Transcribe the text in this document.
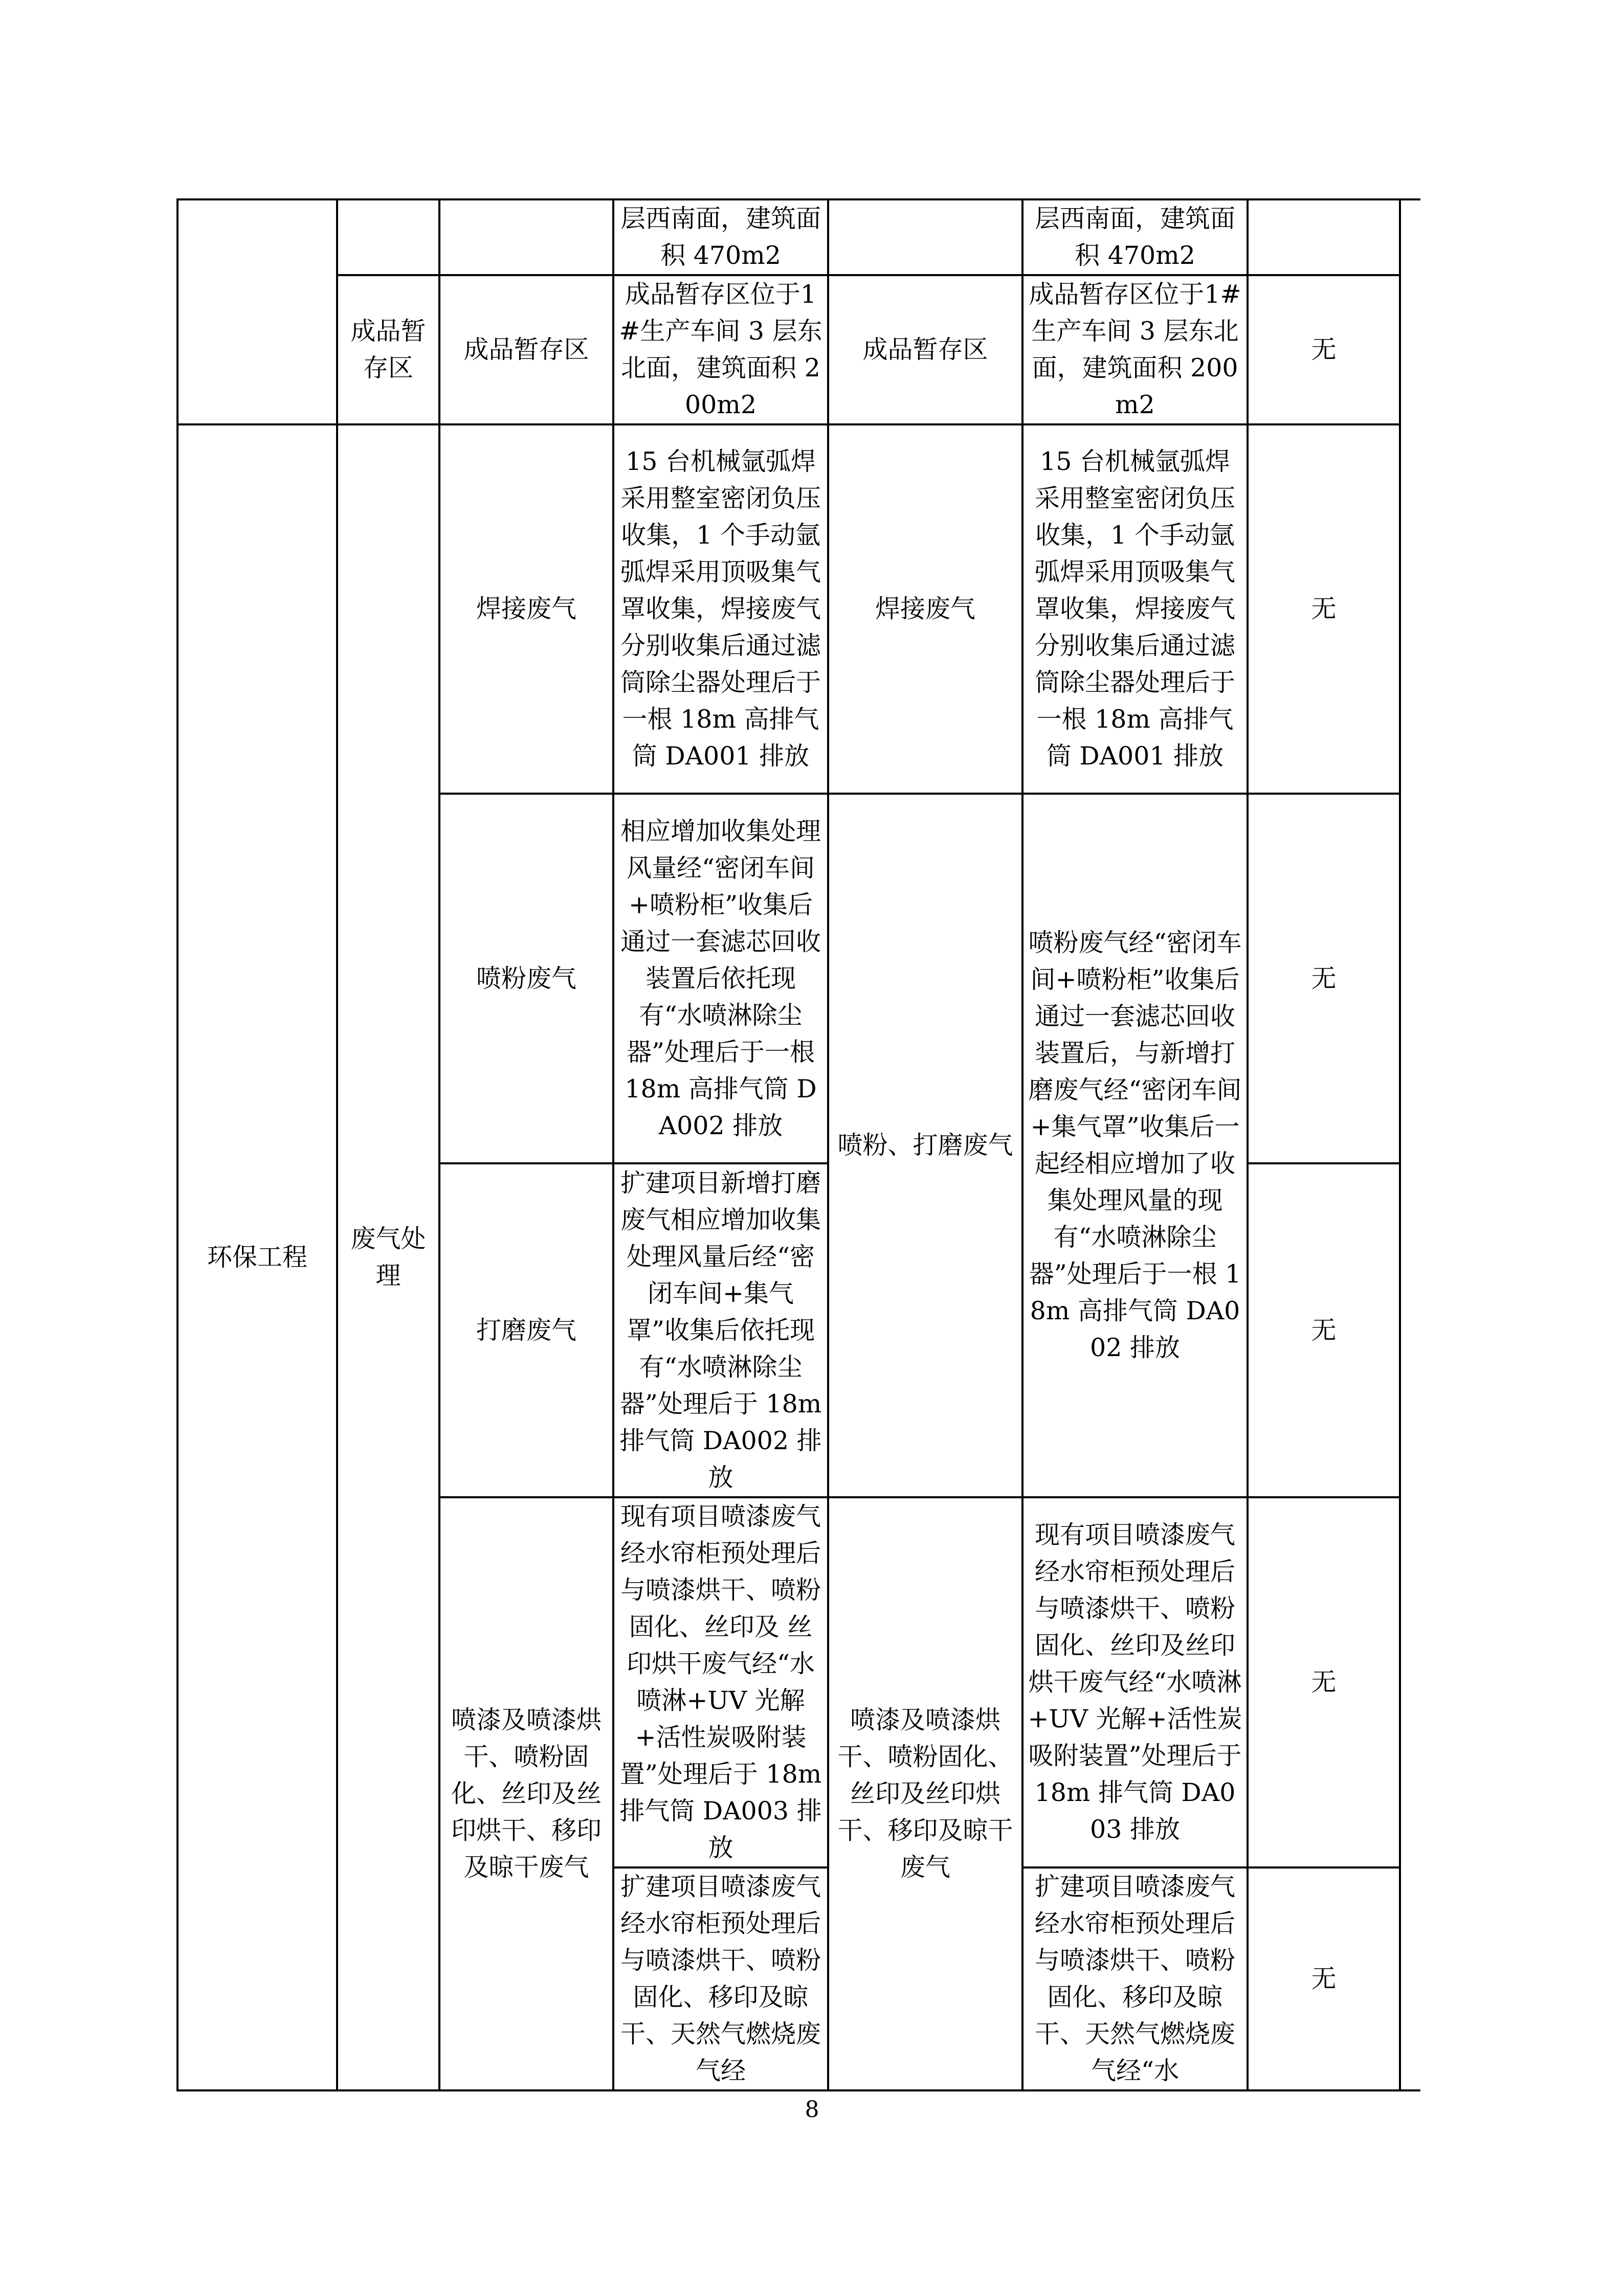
			层西南面，建筑面积 470m2		层西南面，建筑面积 470m2		
	成品暂存区	成品暂存区	成品暂存区位于1#生产车间 3 层东北面，建筑面积 200m2	成品暂存区	成品暂存区位于1#生产车间 3 层东北面，建筑面积 200m2	无	
环保工程	废气处理	焊接废气	15 台机械氩弧焊采用整室密闭负压收集，1 个手动氩弧焊采用顶吸集气罩收集，焊接废气分别收集后通过滤筒除尘器处理后于一根 18m 高排气筒 DA001 排放	焊接废气	15 台机械氩弧焊采用整室密闭负压收集，1 个手动氩弧焊采用顶吸集气罩收集，焊接废气分别收集后通过滤筒除尘器处理后于一根 18m 高排气筒 DA001 排放	无	
		喷粉废气	相应增加收集处理风量经“密闭车间+喷粉柜”收集后通过一套滤芯回收装置后依托现有“水喷淋除尘器”处理后于一根 18m 高排气筒 DA002 排放	喷粉、打磨废气	喷粉废气经“密闭车间+喷粉柜”收集后通过一套滤芯回收装置后，与新增打磨废气经“密闭车间+集气罩”收集后一起经相应增加了收集处理风量的现有“水喷淋除尘器”处理后于一根 18m 高排气筒 DA002 排放	无	
		打磨废气	扩建项目新增打磨废气相应增加收集处理风量后经“密闭车间+集气罩”收集后依托现有“水喷淋除尘器”处理后于 18m 排气筒 DA002 排放			无	
		喷漆及喷漆烘干、喷粉固化、丝印及丝印烘干、移印及晾干废气	现有项目喷漆废气经水帘柜预处理后与喷漆烘干、喷粉固化、丝印及 丝印烘干废气经“水喷淋+UV 光解+活性炭吸附装置”处理后于 18m 排气筒 DA003 排放	喷漆及喷漆烘干、喷粉固化、丝印及丝印烘干、移印及晾干废气	现有项目喷漆废气经水帘柜预处理后与喷漆烘干、喷粉固化、丝印及丝印烘干废气经“水喷淋+UV 光解+活性炭吸附装置”处理后于 18m 排气筒 DA003 排放	无	
			扩建项目喷漆废气经水帘柜预处理后与喷漆烘干、喷粉固化、移印及晾干、天然气燃烧废气经		扩建项目喷漆废气经水帘柜预处理后与喷漆烘干、喷粉固化、移印及晾干、天然气燃烧废气经“水	无	
8
